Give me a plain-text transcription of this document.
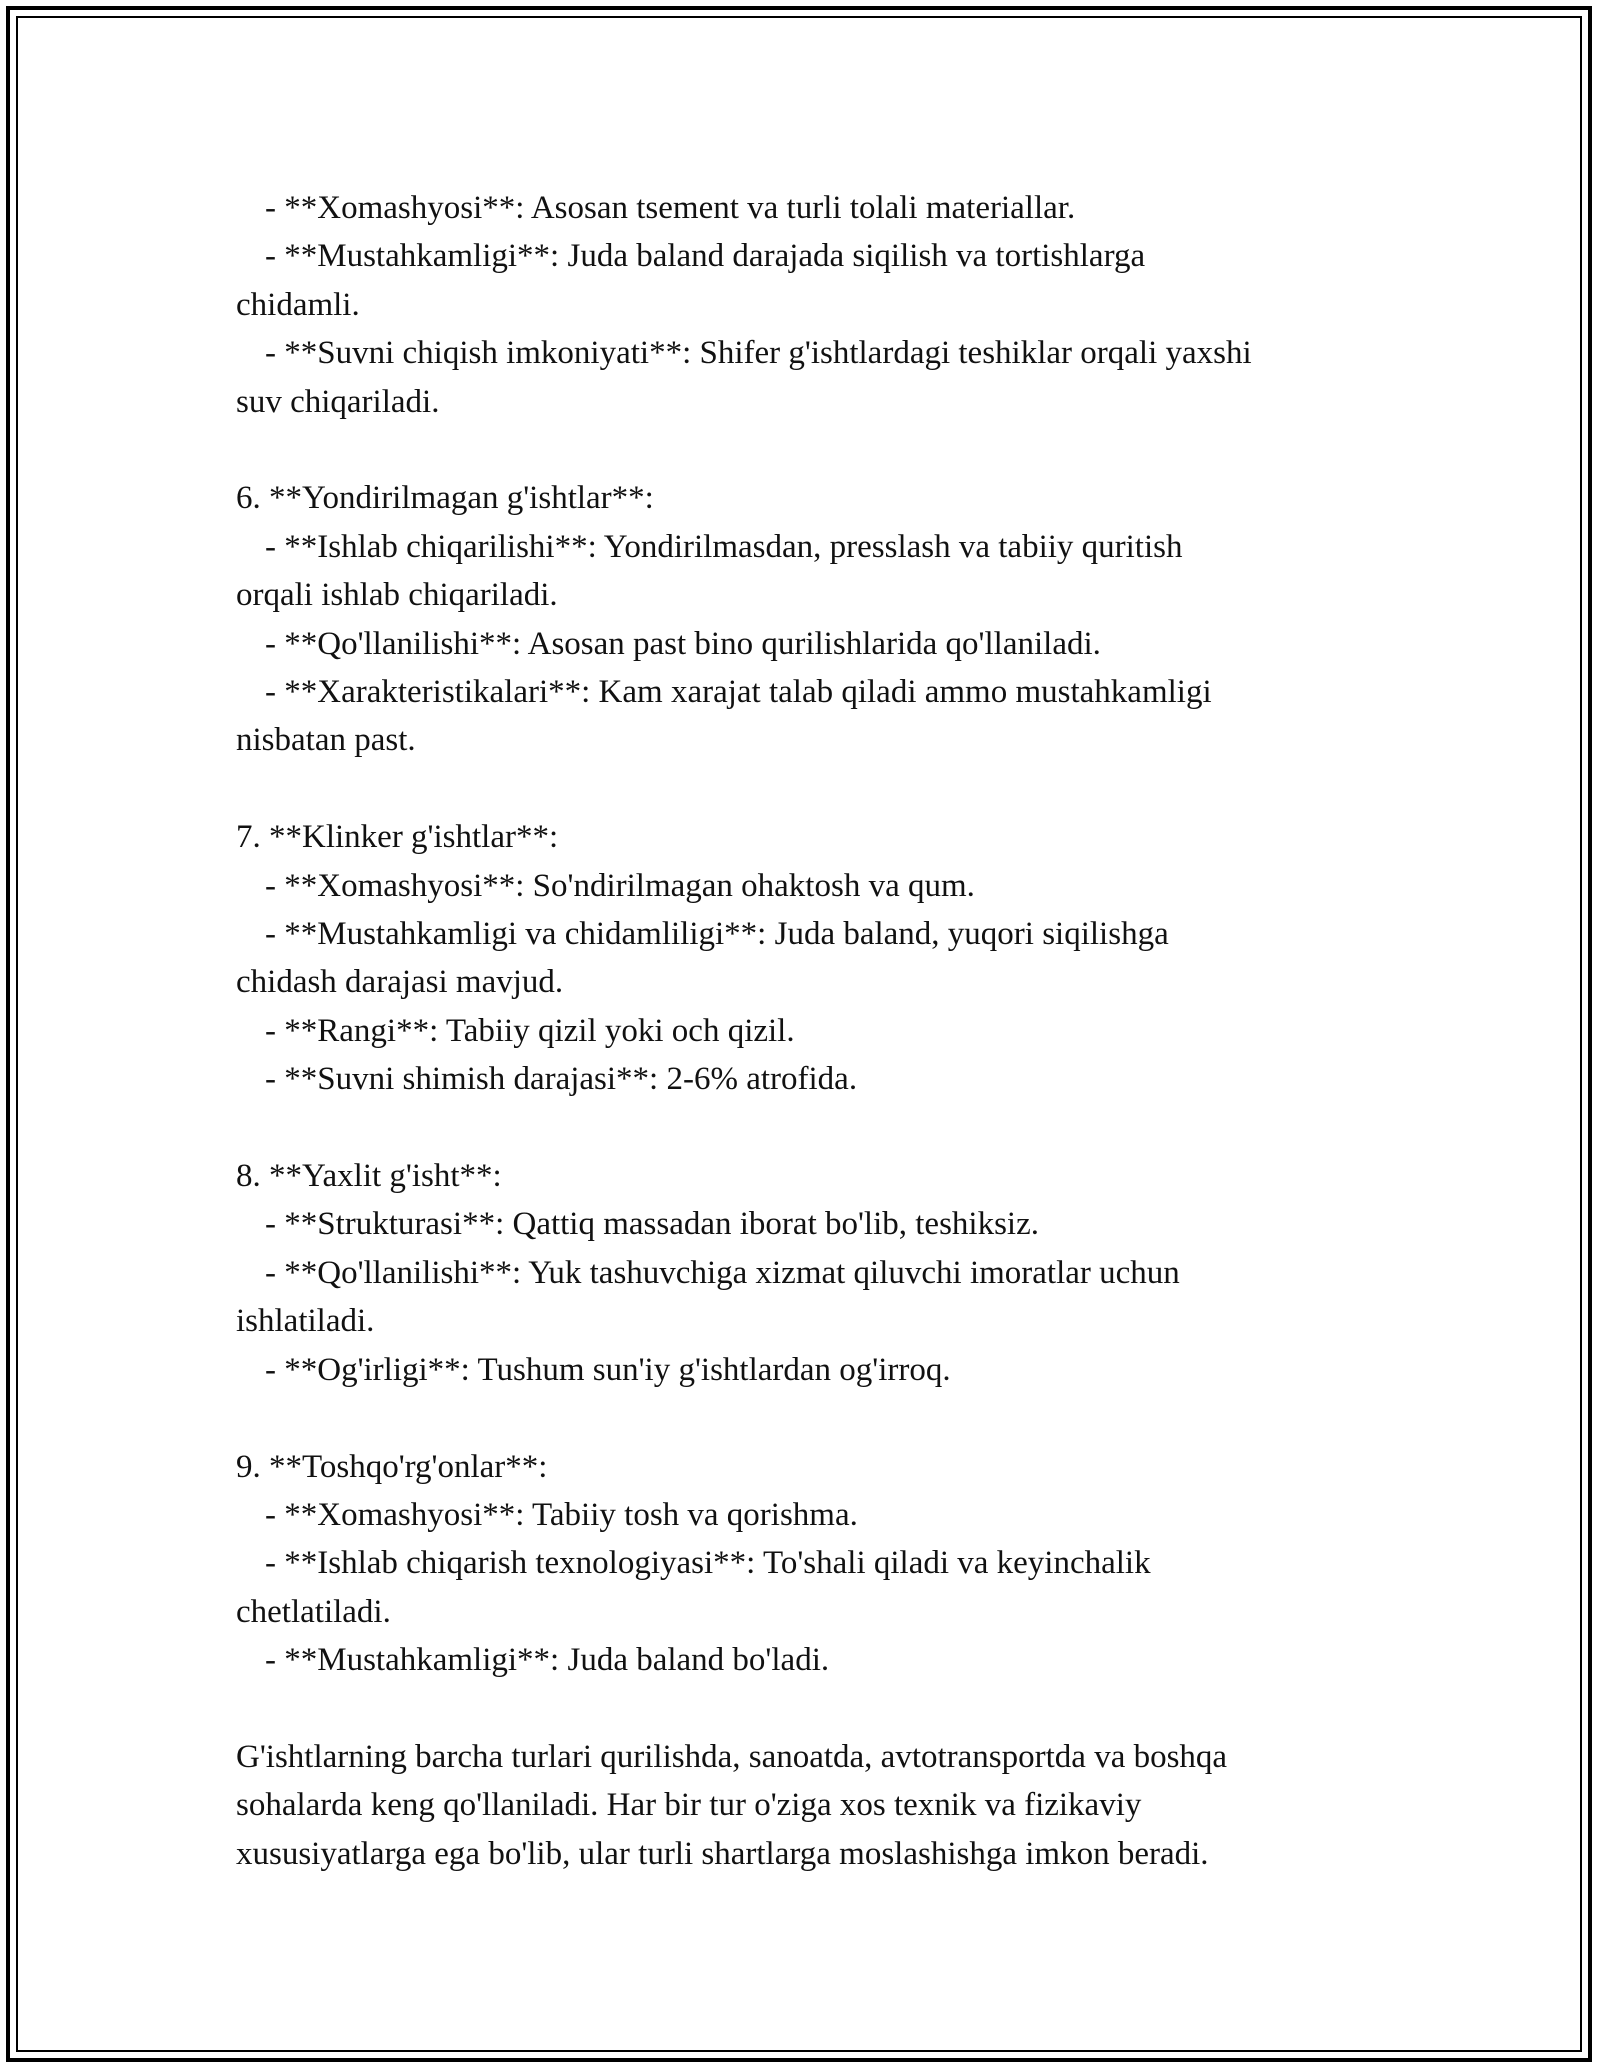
- **Xomashyosi**: Asosan tsement va turli tolali materiallar.
- **Mustahkamligi**: Juda baland darajada siqilish va tortishlarga
chidamli.
- **Suvni chiqish imkoniyati**: Shifer g'ishtlardagi teshiklar orqali yaxshi
suv chiqariladi.
6. **Yondirilmagan g'ishtlar**:
- **Ishlab chiqarilishi**: Yondirilmasdan, presslash va tabiiy quritish
orqali ishlab chiqariladi.
- **Qo'llanilishi**: Asosan past bino qurilishlarida qo'llaniladi.
- **Xarakteristikalari**: Kam xarajat talab qiladi ammo mustahkamligi
nisbatan past.
7. **Klinker g'ishtlar**:
- **Xomashyosi**: So'ndirilmagan ohaktosh va qum.
- **Mustahkamligi va chidamliligi**: Juda baland, yuqori siqilishga
chidash darajasi mavjud.
- **Rangi**: Tabiiy qizil yoki och qizil.
- **Suvni shimish darajasi**: 2-6% atrofida.
8. **Yaxlit g'isht**:
- **Strukturasi**: Qattiq massadan iborat bo'lib, teshiksiz.
- **Qo'llanilishi**: Yuk tashuvchiga xizmat qiluvchi imoratlar uchun
ishlatiladi.
- **Og'irligi**: Tushum sun'iy g'ishtlardan og'irroq.
9. **Toshqo'rg'onlar**:
- **Xomashyosi**: Tabiiy tosh va qorishma.
- **Ishlab chiqarish texnologiyasi**: To'shali qiladi va keyinchalik
chetlatiladi.
- **Mustahkamligi**: Juda baland bo'ladi.
G'ishtlarning barcha turlari qurilishda, sanoatda, avtotransportda va boshqa
sohalarda keng qo'llaniladi. Har bir tur o'ziga xos texnik va fizikaviy
xususiyatlarga ega bo'lib, ular turli shartlarga moslashishga imkon beradi.
